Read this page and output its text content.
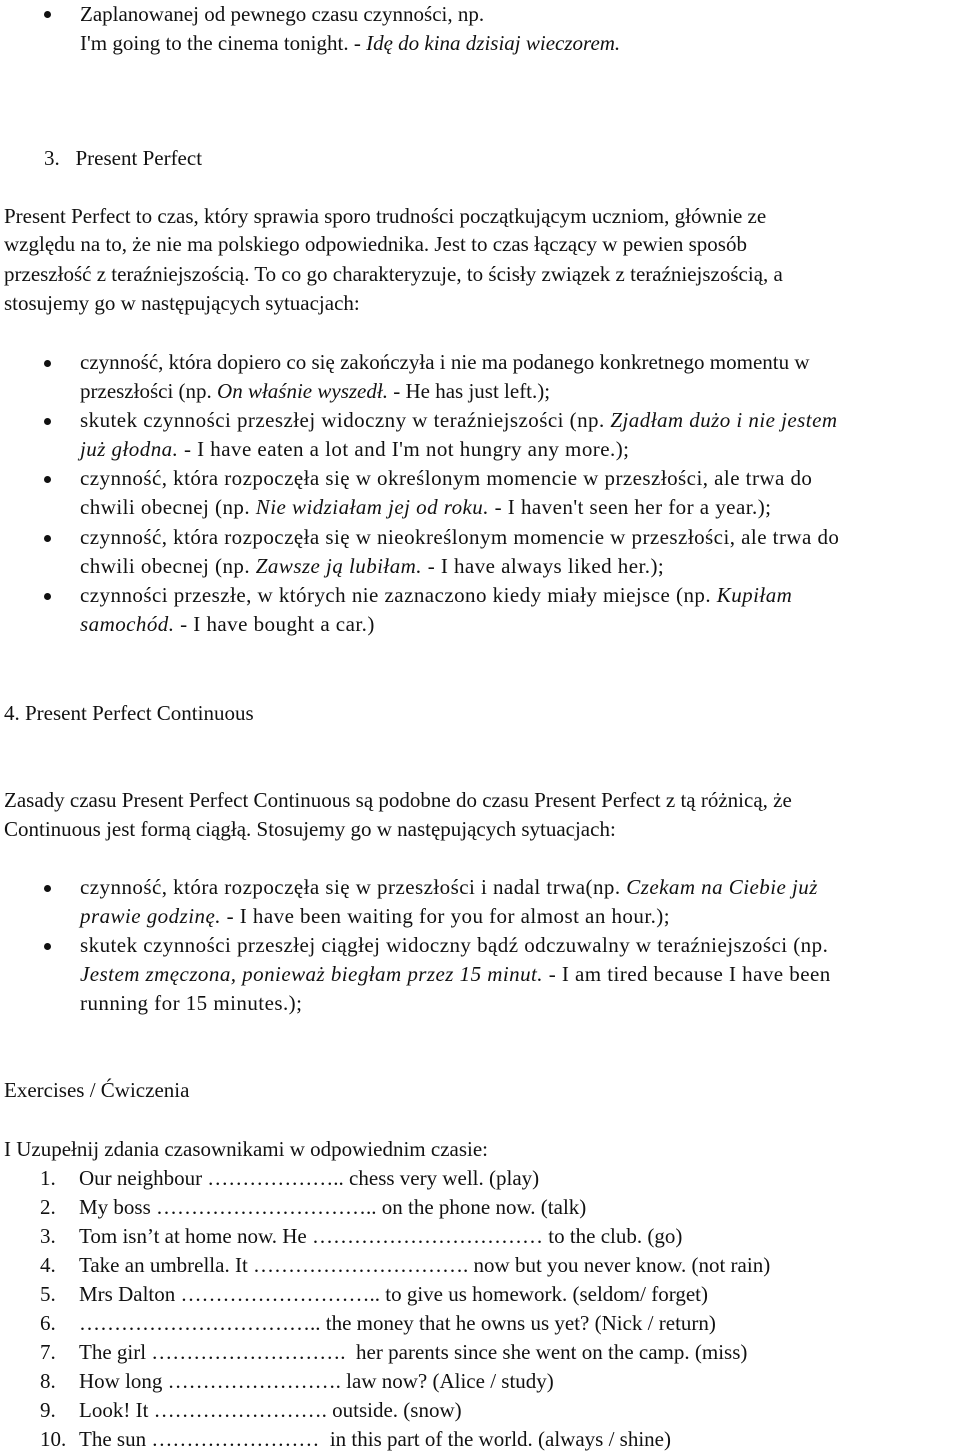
Zaplanowanej od pewnego czasu czynności, np.
I'm going to the cinema tonight. - Idę do kina dzisiaj wieczorem.
3.   Present Perfect
Present Perfect to czas, który sprawia sporo trudności początkującym uczniom, głównie ze
względu na to, że nie ma polskiego odpowiednika. Jest to czas łączący w pewien sposób
przeszłość z teraźniejszością. To co go charakteryzuje, to ścisły związek z teraźniejszością, a
stosujemy go w następujących sytuacjach:
czynność, która dopiero co się zakończyła i nie ma podanego konkretnego momentu w
przeszłości (np. On właśnie wyszedł. - He has just left.);
skutek czynności przeszłej widoczny w teraźniejszości (np. Zjadłam dużo i nie jestem
już głodna. - I have eaten a lot and I'm not hungry any more.);
czynność, która rozpoczęła się w określonym momencie w przeszłości, ale trwa do
chwili obecnej (np. Nie widziałam jej od roku. - I haven't seen her for a year.);
czynność, która rozpoczęła się w nieokreślonym momencie w przeszłości, ale trwa do
chwili obecnej (np. Zawsze ją lubiłam. - I have always liked her.);
czynności przeszłe, w których nie zaznaczono kiedy miały miejsce (np. Kupiłam
samochód. - I have bought a car.)
4. Present Perfect Continuous
Zasady czasu Present Perfect Continuous są podobne do czasu Present Perfect z tą różnicą, że
Continuous jest formą ciągłą. Stosujemy go w następujących sytuacjach:
czynność, która rozpoczęła się w przeszłości i nadal trwa(np. Czekam na Ciebie już
prawie godzinę. - I have been waiting for you for almost an hour.);
skutek czynności przeszłej ciągłej widoczny bądź odczuwalny w teraźniejszości (np.
Jestem zmęczona, ponieważ biegłam przez 15 minut. - I am tired because I have been
running for 15 minutes.);
Exercises / Ćwiczenia
I Uzupełnij zdania czasownikami w odpowiednim czasie:
1.	Our neighbour ……………….. chess very well. (play)
2.	My boss ………………………….. on the phone now. (talk)
3.	Tom isn’t at home now. He …………………………… to the club. (go)
4.	Take an umbrella. It …………………………. now but you never know. (not rain)
5.	Mrs Dalton ……………………….. to give us homework. (seldom/ forget)
6.	…………………………….. the money that he owns us yet? (Nick / return)
7.	The girl ……………………….  her parents since she went on the camp. (miss)
8.	How long ……………………. law now? (Alice / study)
9.	Look! It ……………………. outside. (snow)
10. The sun ……………………  in this part of the world. (always / shine)
